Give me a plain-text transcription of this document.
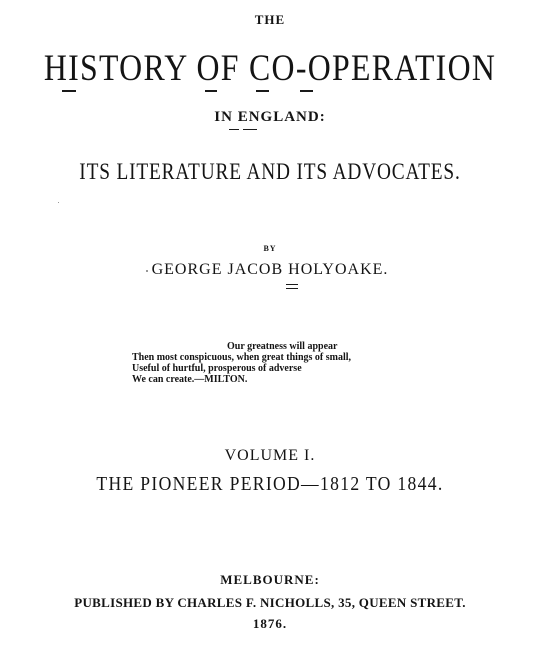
THE
HISTORY OF CO-OPERATION
IN ENGLAND:
ITS LITERATURE AND ITS ADVOCATES.
BY
GEORGE JACOB HOLYOAKE.
Our greatness will appear
Then most conspicuous, when great things of small,
Useful of hurtful, prosperous of adverse
We can create.—MILTON.
VOLUME I.
THE PIONEER PERIOD—1812 TO 1844.
MELBOURNE:
PUBLISHED BY CHARLES F. NICHOLLS, 35, QUEEN STREET.
1876.
